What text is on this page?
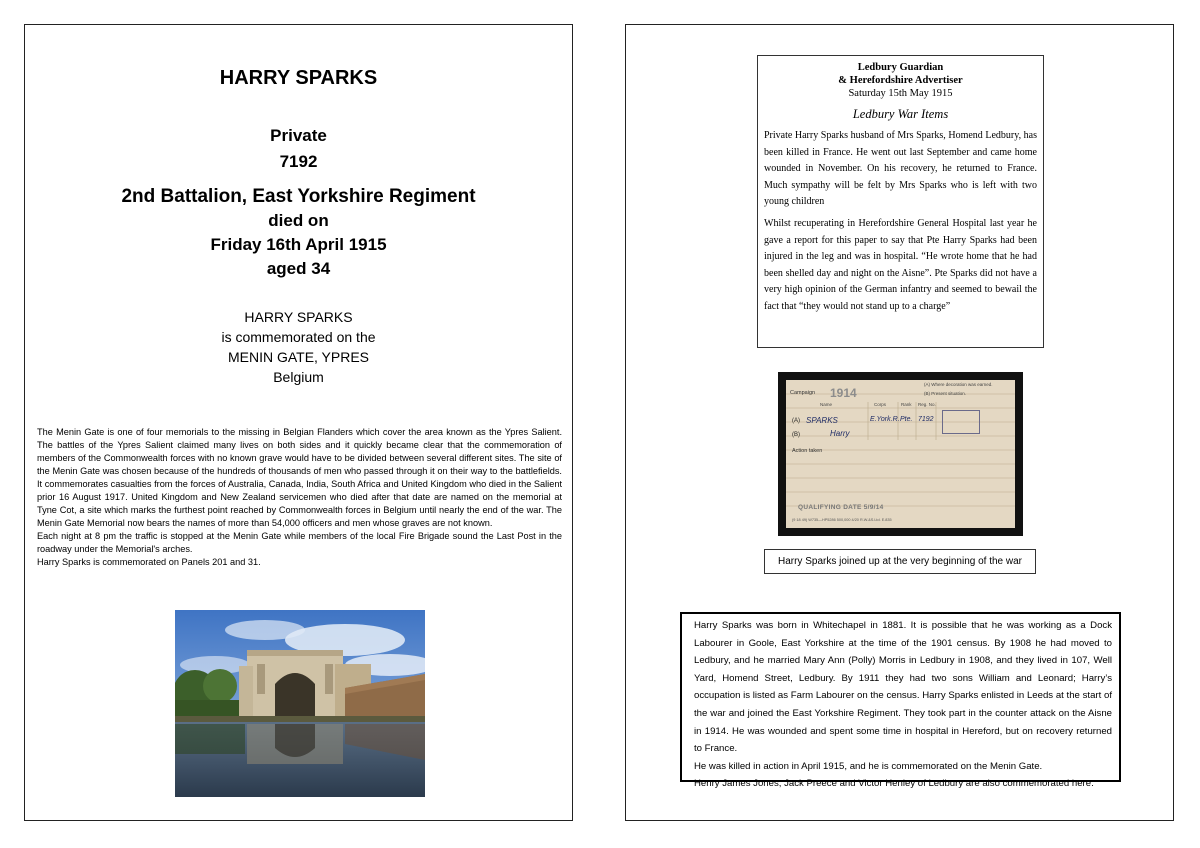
HARRY SPARKS
Private
7192
2nd Battalion, East Yorkshire Regiment
died on
Friday 16th April 1915
aged 34
HARRY SPARKS
is commemorated on the
MENIN GATE, YPRES
Belgium

The Menin Gate is one of four memorials to the missing in Belgian Flanders which cover the area known as the Ypres Salient. The battles of the Ypres Salient claimed many lives on both sides and it quickly became clear that the commemoration of members of the Commonwealth forces with no known grave would have to be divided between several different sites. The site of the Menin Gate was chosen because of the hundreds of thousands of men who passed through it on their way to the battlefields. It commemorates casualties from the forces of Australia, Canada, India, South Africa and United Kingdom who died in the Salient prior 16 August 1917. United Kingdom and New Zealand servicemen who died after that date are named on the memorial at Tyne Cot, a site which marks the furthest point reached by Commonwealth forces in Belgium until nearly the end of the war. The Menin Gate Memorial now bears the names of more than 54,000 officers and men whose graves are not known.

Each night at 8 pm the traffic is stopped at the Menin Gate while members of the local Fire Brigade sound the Last Post in the roadway under the Memorial's arches.

Harry Sparks is commemorated on Panels 201 and 31.

Ledbury Guardian
& Herefordshire Advertiser
Saturday 15th May 1915
Ledbury War Items

Private Harry Sparks husband of Mrs Sparks, Homend Ledbury, has been killed in France. He went out last September and came home wounded in November. On his recovery, he returned to France. Much sympathy will be felt by Mrs Sparks who is left with two young children

Whilst recuperating in Herefordshire General Hospital last year he gave a report for this paper to say that Pte Harry Sparks had been injured in the leg and was in hospital. “He wrote home that he had been shelled day and night on the Aisne”. Pte Sparks did not have a very high opinion of the German infantry and seemed to bewail the fact that “they would not stand up to a charge”

Campaign 1914
(A) Where decoration was earned.
(B) Present situation.
Name	Corps	Rank Reg. No.
(A) SPARKS	E.York.R. Pte. 7192
(B)	Harry
Action taken
QUALIFYING DATE 5/9/14
(9 18 49) W735—HP5286 500,000 4/20 R.W.&S.Ltd. E.835
Harry Sparks joined up at the very beginning of the war

Harry Sparks was born in Whitechapel in 1881. It is possible that he was working as a Dock Labourer in Goole, East Yorkshire at the time of the 1901 census. By 1908 he had moved to Ledbury, and he married Mary Ann (Polly) Morris in Ledbury in 1908, and they lived in 107, Well Yard, Homend Street, Ledbury. By 1911 they had two sons William and Leonard; Harry’s occupation is listed as Farm Labourer on the census. Harry Sparks enlisted in Leeds at the start of the war and joined the East Yorkshire Regiment. They took part in the counter attack on the Aisne in 1914. He was wounded and spent some time in hospital in Hereford, but on recovery returned to France.

He was killed in action in April 1915, and he is commemorated on the Menin Gate.

Henry James Jones, Jack Preece and Victor Henley of Ledbury are also commemorated here.
